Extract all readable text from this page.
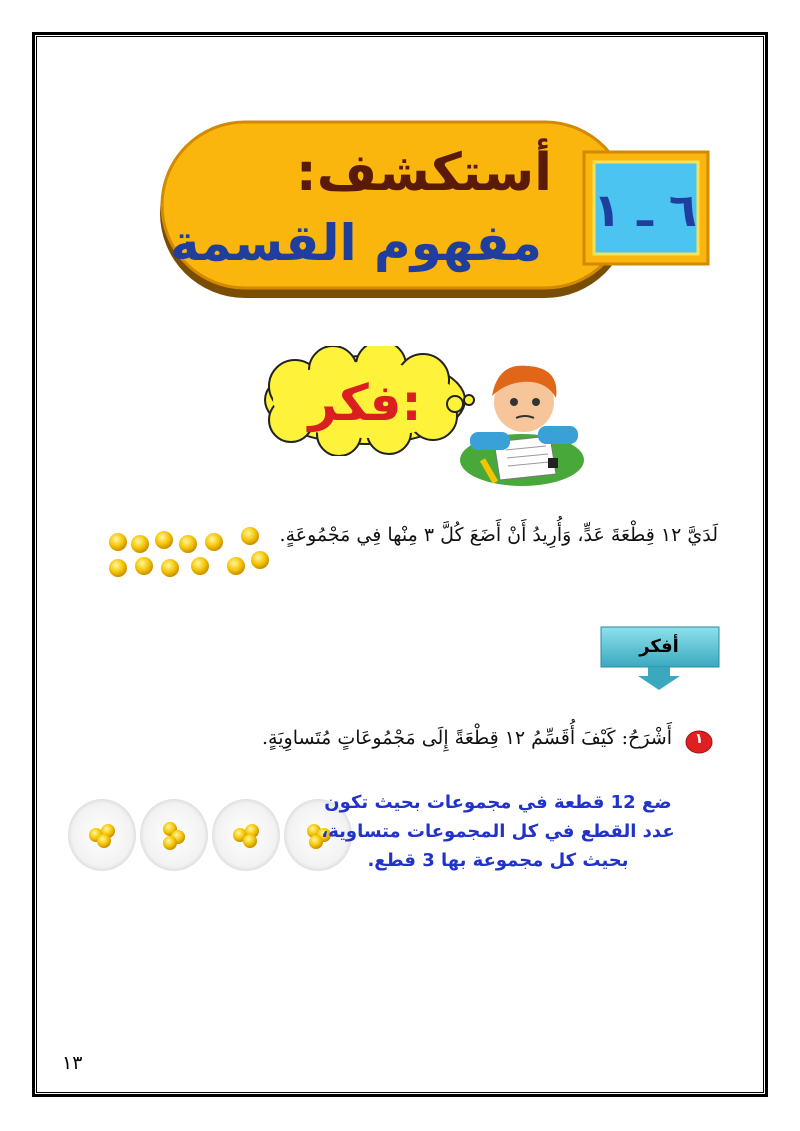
أستكشف:
مفهوم القسمة
٦ ـ ١
فكر:
لَدَيَّ ١٢ قِطْعَةَ عَدٍّ، وَأُرِيدُ أَنْ أَضَعَ كُلَّ ٣ مِنْها فِي مَجْمُوعَةٍ.
أفكر
١
أَشْرَحُ: كَيْفَ أُقَسِّمُ ١٢ قِطْعَةً إِلَى مَجْمُوعَاتٍ مُتَساوِيَةٍ.
ضع 12 قطعة في مجموعات بحيث تكون
عدد القطع في كل المجموعات متساوية،
بحيث كل مجموعة بها 3 قطع.
١٣
